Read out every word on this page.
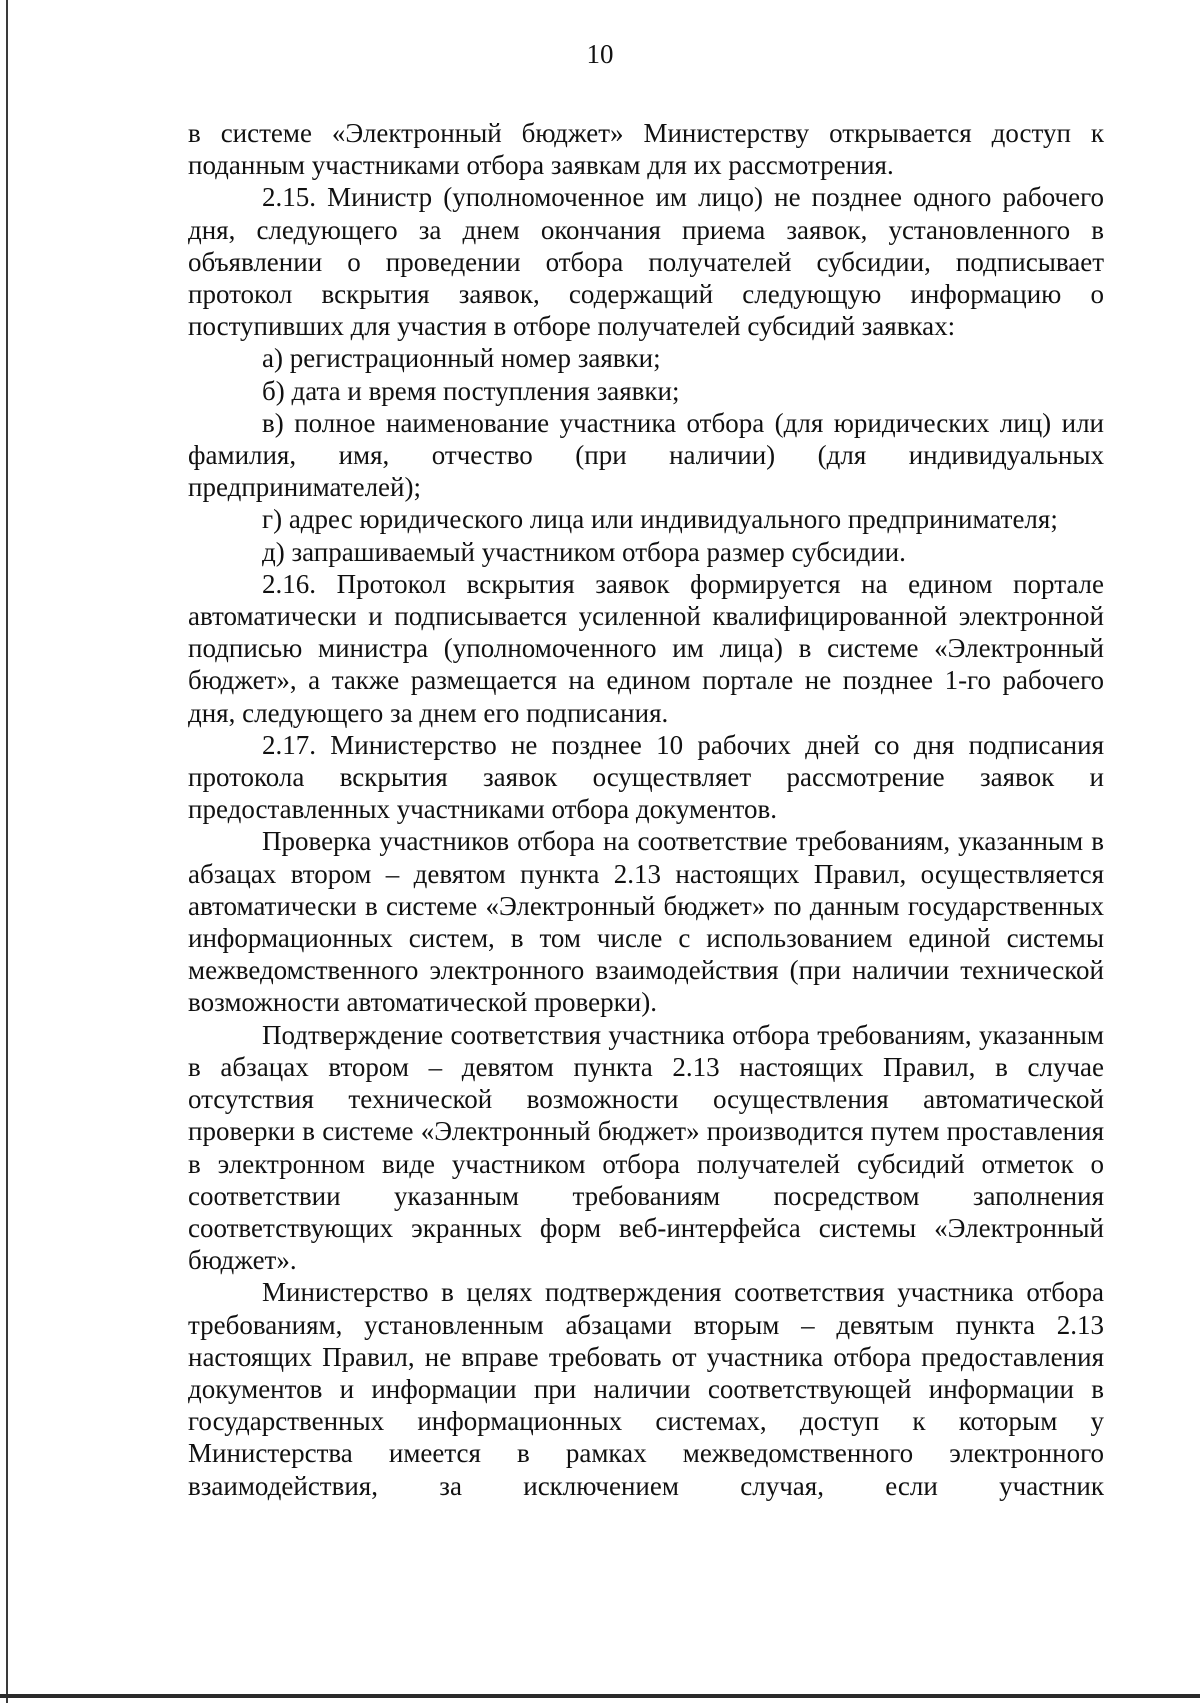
10

в системе «Электронный бюджет» Министерству открывается доступ к поданным участниками отбора заявкам для их рассмотрения.

2.15. Министр (уполномоченное им лицо) не позднее одного рабочего дня, следующего за днем окончания приема заявок, установленного в объявлении о проведении отбора получателей субсидии, подписывает протокол вскрытия заявок, содержащий следующую информацию о поступивших для участия в отборе получателей субсидий заявках:

а) регистрационный номер заявки;

б) дата и время поступления заявки;

в) полное наименование участника отбора (для юридических лиц) или фамилия, имя, отчество (при наличии) (для индивидуальных предпринимателей);

г) адрес юридического лица или индивидуального предпринимателя;

д) запрашиваемый участником отбора размер субсидии.

2.16. Протокол вскрытия заявок формируется на едином портале автоматически и подписывается усиленной квалифицированной электронной подписью министра (уполномоченного им лица) в системе «Электронный бюджет», а также размещается на едином портале не позднее 1-го рабочего дня, следующего за днем его подписания.

2.17. Министерство не позднее 10 рабочих дней со дня подписания протокола вскрытия заявок осуществляет рассмотрение заявок и предоставленных участниками отбора документов.

Проверка участников отбора на соответствие требованиям, указанным в абзацах втором – девятом пункта 2.13 настоящих Правил, осуществляется автоматически в системе «Электронный бюджет» по данным государственных информационных систем, в том числе с использованием единой системы межведомственного электронного взаимодействия (при наличии технической возможности автоматической проверки).

Подтверждение соответствия участника отбора требованиям, указанным в абзацах втором – девятом пункта 2.13 настоящих Правил, в случае отсутствия технической возможности осуществления автоматической проверки в системе «Электронный бюджет» производится путем проставления в электронном виде участником отбора получателей субсидий отметок о соответствии указанным требованиям посредством заполнения соответствующих экранных форм веб-интерфейса системы «Электронный бюджет».

Министерство в целях подтверждения соответствия участника отбора требованиям, установленным абзацами вторым – девятым пункта 2.13 настоящих Правил, не вправе требовать от участника отбора предоставления документов и информации при наличии соответствующей информации в государственных информационных системах, доступ к которым у Министерства имеется в рамках межведомственного электронного взаимодействия, за исключением случая, если участник
